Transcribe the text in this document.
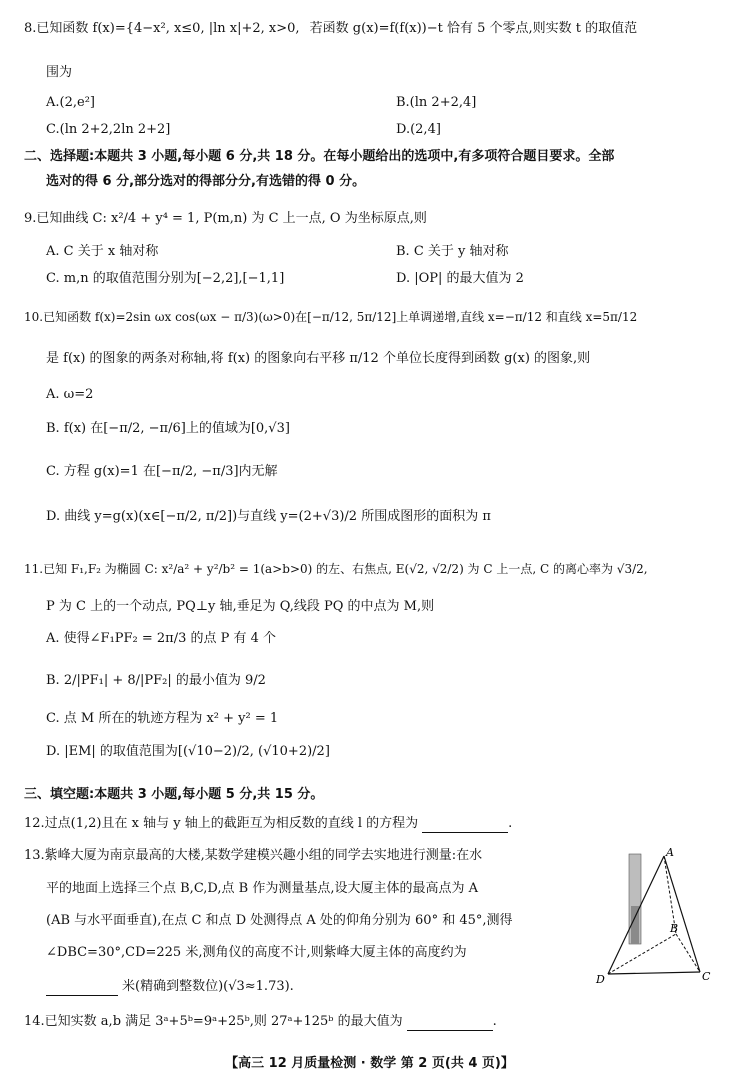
8.已知函数 f(x)={4−x², x≤0, |ln x|+2, x>0, 若函数 g(x)=f(f(x))−t 恰有 5 个零点,则实数 t 的取值范
围为
A.(2,e²]	B.(ln 2+2,4]
C.(ln 2+2,2ln 2+2]	D.(2,4]
二、选择题:本题共 3 小题,每小题 6 分,共 18 分。在每小题给出的选项中,有多项符合题目要求。全部
选对的得 6 分,部分选对的得部分分,有选错的得 0 分。
9.已知曲线 C: x²/4 + y⁴ = 1, P(m,n) 为 C 上一点, O 为坐标原点,则
A. C 关于 x 轴对称	B. C 关于 y 轴对称
C. m,n 的取值范围分别为[−2,2],[−1,1]	D. |OP| 的最大值为 2
10.已知函数 f(x)=2sin ωx cos(ωx − π/3)(ω>0)在[−π/12, 5π/12]上单调递增,直线 x=−π/12 和直线 x=5π/12
是 f(x) 的图象的两条对称轴,将 f(x) 的图象向右平移 π/12 个单位长度得到函数 g(x) 的图象,则
A. ω=2
B. f(x) 在[−π/2, −π/6]上的值域为[0,√3]
C. 方程 g(x)=1 在[−π/2, −π/3]内无解
D. 曲线 y=g(x)(x∈[−π/2, π/2])与直线 y=(2+√3)/2 所围成图形的面积为 π
11.已知 F₁,F₂ 为椭圆 C: x²/a² + y²/b² = 1(a>b>0) 的左、右焦点, E(√2, √2/2) 为 C 上一点, C 的离心率为 √3/2,
P 为 C 上的一个动点, PQ⊥y 轴,垂足为 Q,线段 PQ 的中点为 M,则
A. 使得∠F₁PF₂ = 2π/3 的点 P 有 4 个
B. 2/|PF₁| + 8/|PF₂| 的最小值为 9/2
C. 点 M 所在的轨迹方程为 x² + y² = 1
D. |EM| 的取值范围为[(√10−2)/2, (√10+2)/2]
三、填空题:本题共 3 小题,每小题 5 分,共 15 分。
12.过点(1,2)且在 x 轴与 y 轴上的截距互为相反数的直线 l 的方程为	.
13.紫峰大厦为南京最高的大楼,某数学建模兴趣小组的同学去实地进行测量:在水
平的地面上选择三个点 B,C,D,点 B 作为测量基点,设大厦主体的最高点为 A
(AB 与水平面垂直),在点 C 和点 D 处测得点 A 处的仰角分别为 60° 和 45°,测得
∠DBC=30°,CD=225 米,测角仪的高度不计,则紫峰大厦主体的高度约为
米(精确到整数位)(√3≈1.73).
A
B
C
D
14.已知实数 a,b 满足 3ᵃ+5ᵇ=9ᵃ+25ᵇ,则 27ᵃ+125ᵇ 的最大值为	.
【高三 12 月质量检测 · 数学 第 2 页(共 4 页)】
